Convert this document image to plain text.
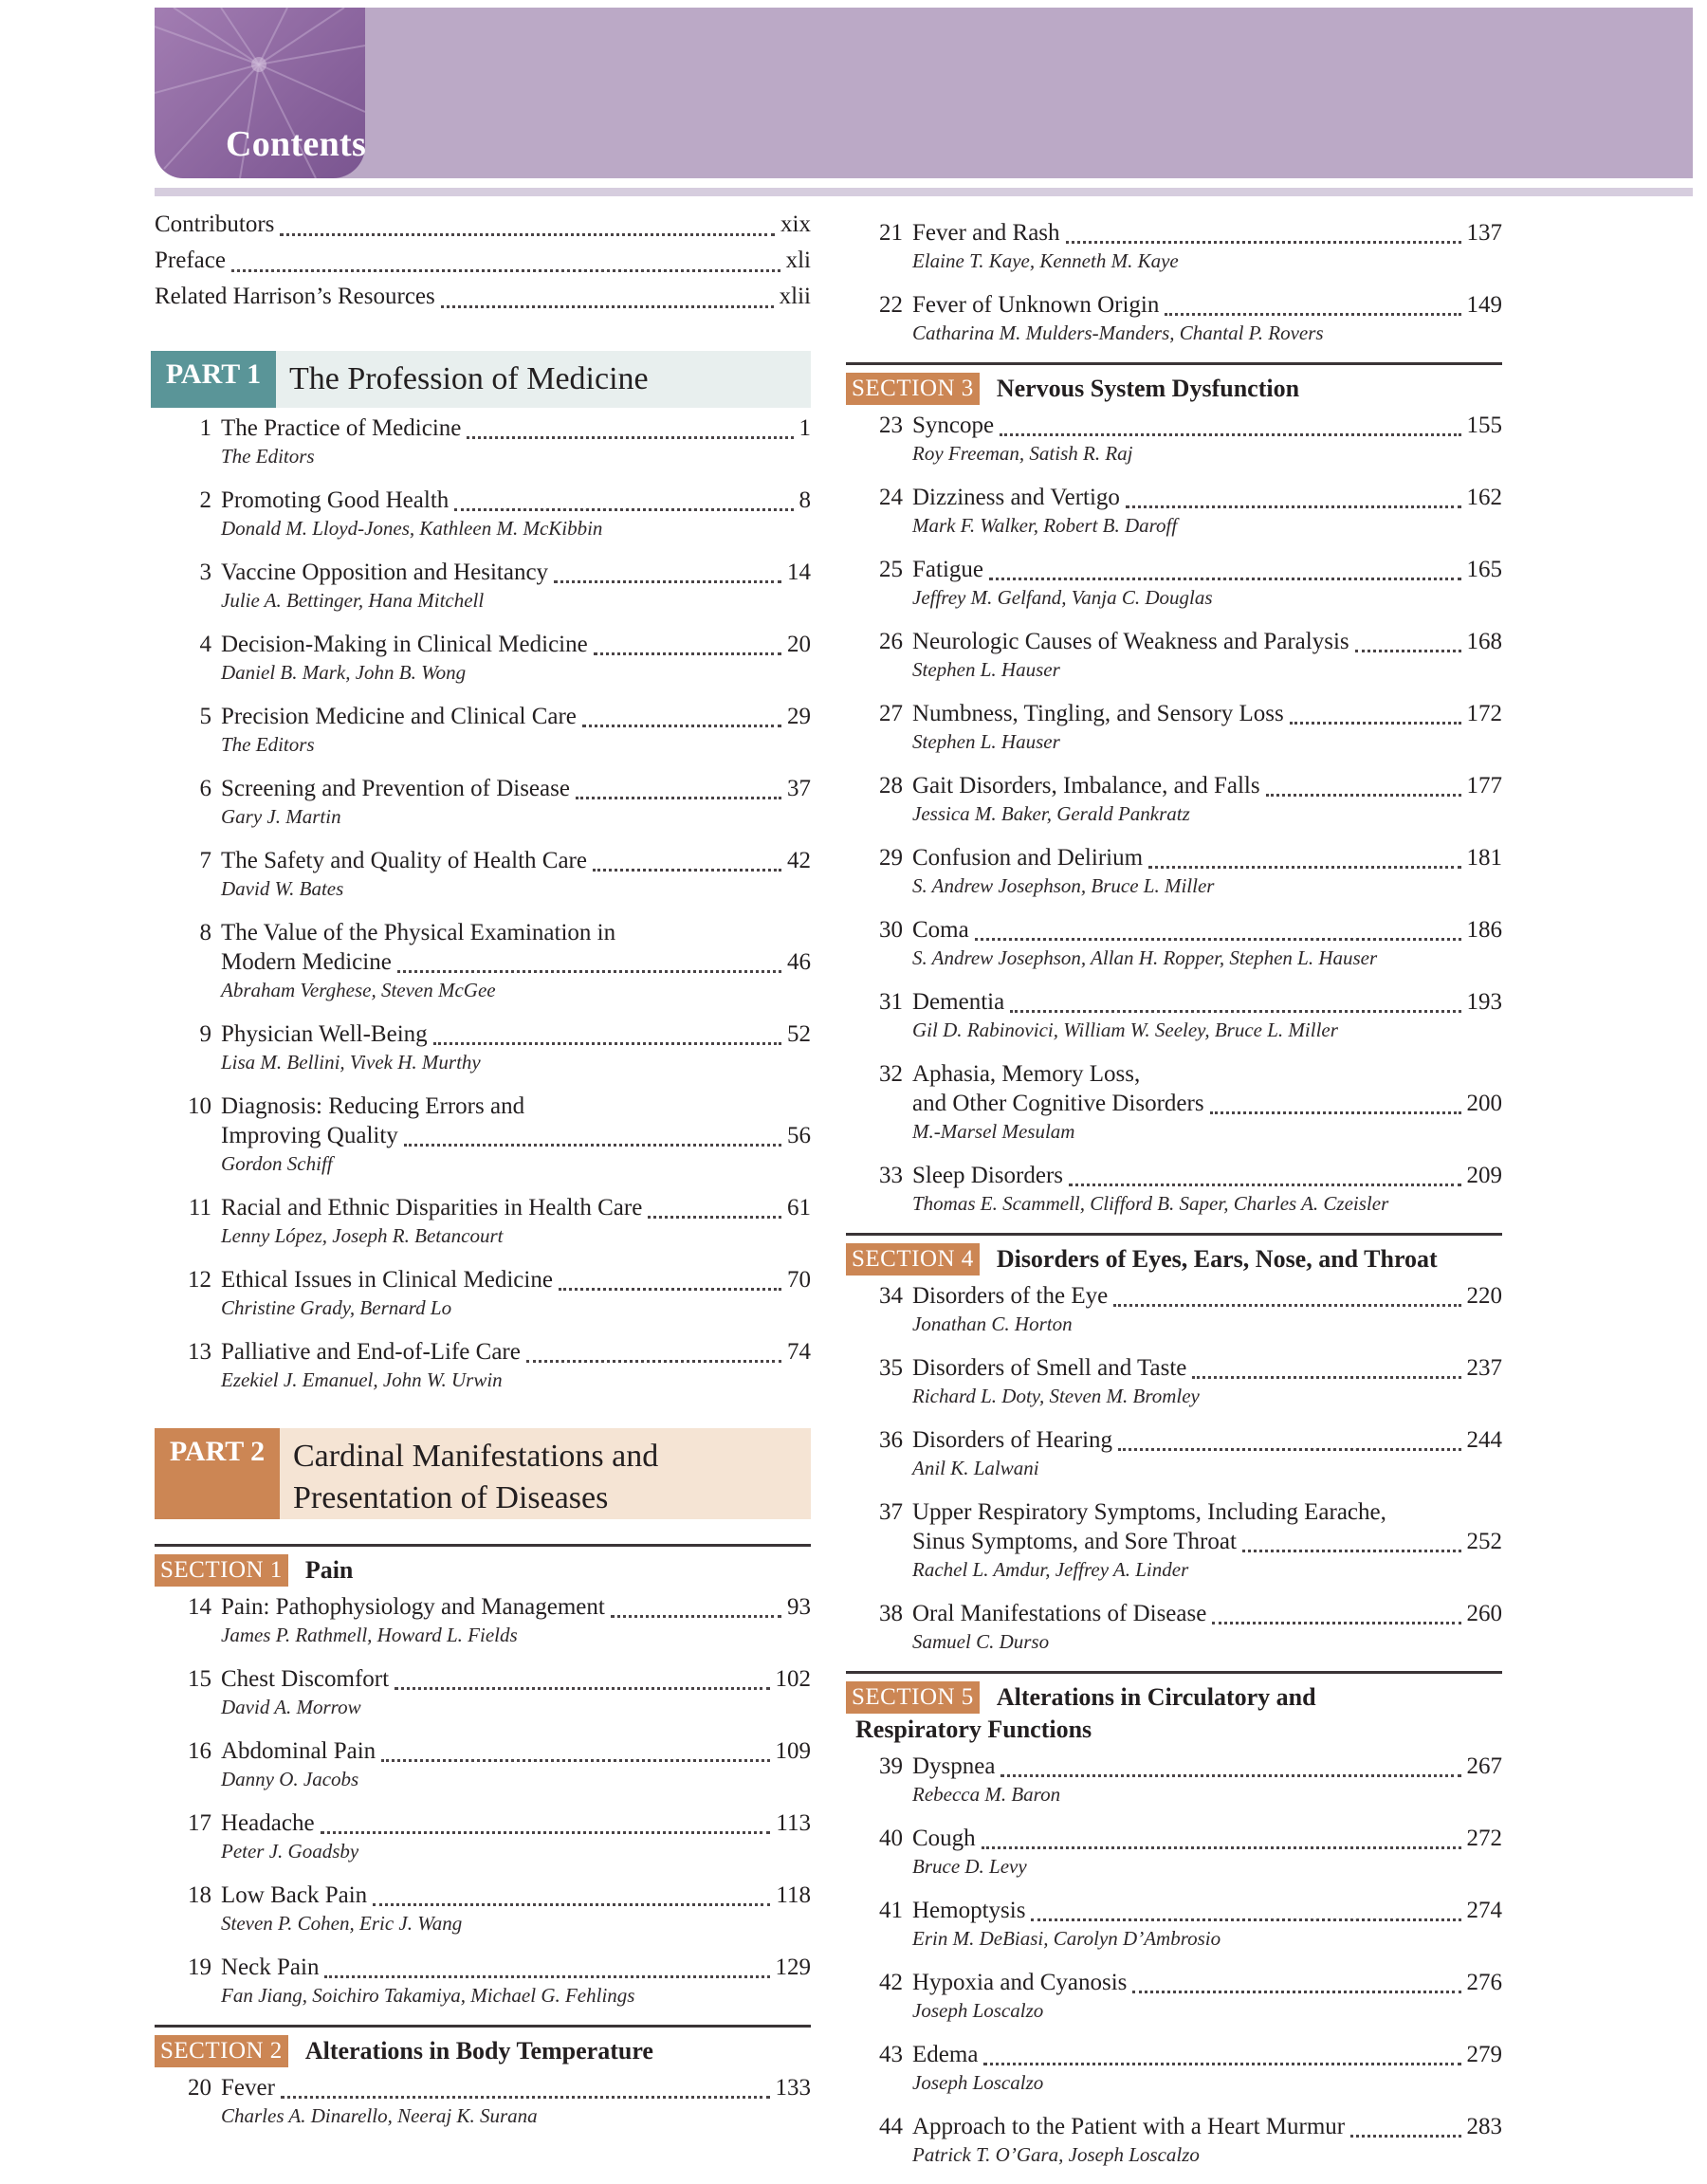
Contents
Contributors	xix
Preface	xli
Related Harrison’s Resources	xlii
PART 1 The Profession of Medicine
1 The Practice of Medicine	1
The Editors
2 Promoting Good Health	8
Donald M. Lloyd-Jones, Kathleen M. McKibbin
3 Vaccine Opposition and Hesitancy	14
Julie A. Bettinger, Hana Mitchell
4 Decision-Making in Clinical Medicine	20
Daniel B. Mark, John B. Wong
5 Precision Medicine and Clinical Care	29
The Editors
6 Screening and Prevention of Disease	37
Gary J. Martin
7 The Safety and Quality of Health Care	42
David W. Bates
8 The Value of the Physical Examination in
Modern Medicine	46
Abraham Verghese, Steven McGee
9 Physician Well-Being	52
Lisa M. Bellini, Vivek H. Murthy
10 Diagnosis: Reducing Errors and
Improving Quality	56
Gordon Schiff
11 Racial and Ethnic Disparities in Health Care	61
Lenny López, Joseph R. Betancourt
12 Ethical Issues in Clinical Medicine	70
Christine Grady, Bernard Lo
13 Palliative and End-of-Life Care	74
Ezekiel J. Emanuel, John W. Urwin
PART 2 Cardinal Manifestations and
Presentation of Diseases
SECTION 1 Pain
14 Pain: Pathophysiology and Management	93
James P. Rathmell, Howard L. Fields
15 Chest Discomfort	102
David A. Morrow
16 Abdominal Pain	109
Danny O. Jacobs
17 Headache	113
Peter J. Goadsby
18 Low Back Pain	118
Steven P. Cohen, Eric J. Wang
19 Neck Pain	129
Fan Jiang, Soichiro Takamiya, Michael G. Fehlings
SECTION 2 Alterations in Body Temperature
20 Fever	133
Charles A. Dinarello, Neeraj K. Surana
21 Fever and Rash	137
Elaine T. Kaye, Kenneth M. Kaye
22 Fever of Unknown Origin	149
Catharina M. Mulders-Manders, Chantal P. Rovers
SECTION 3 Nervous System Dysfunction
23 Syncope	155
Roy Freeman, Satish R. Raj
24 Dizziness and Vertigo	162
Mark F. Walker, Robert B. Daroff
25 Fatigue	165
Jeffrey M. Gelfand, Vanja C. Douglas
26 Neurologic Causes of Weakness and Paralysis	168
Stephen L. Hauser
27 Numbness, Tingling, and Sensory Loss	172
Stephen L. Hauser
28 Gait Disorders, Imbalance, and Falls	177
Jessica M. Baker, Gerald Pankratz
29 Confusion and Delirium	181
S. Andrew Josephson, Bruce L. Miller
30 Coma	186
S. Andrew Josephson, Allan H. Ropper, Stephen L. Hauser
31 Dementia	193
Gil D. Rabinovici, William W. Seeley, Bruce L. Miller
32 Aphasia, Memory Loss,
and Other Cognitive Disorders	200
M.-Marsel Mesulam
33 Sleep Disorders	209
Thomas E. Scammell, Clifford B. Saper, Charles A. Czeisler
SECTION 4 Disorders of Eyes, Ears, Nose, and Throat
34 Disorders of the Eye	220
Jonathan C. Horton
35 Disorders of Smell and Taste	237
Richard L. Doty, Steven M. Bromley
36 Disorders of Hearing	244
Anil K. Lalwani
37 Upper Respiratory Symptoms, Including Earache,
Sinus Symptoms, and Sore Throat	252
Rachel L. Amdur, Jeffrey A. Linder
38 Oral Manifestations of Disease	260
Samuel C. Durso
SECTION 5 Alterations in Circulatory and
Respiratory Functions
39 Dyspnea	267
Rebecca M. Baron
40 Cough	272
Bruce D. Levy
41 Hemoptysis	274
Erin M. DeBiasi, Carolyn D’Ambrosio
42 Hypoxia and Cyanosis	276
Joseph Loscalzo
43 Edema	279
Joseph Loscalzo
44 Approach to the Patient with a Heart Murmur	283
Patrick T. O’Gara, Joseph Loscalzo
